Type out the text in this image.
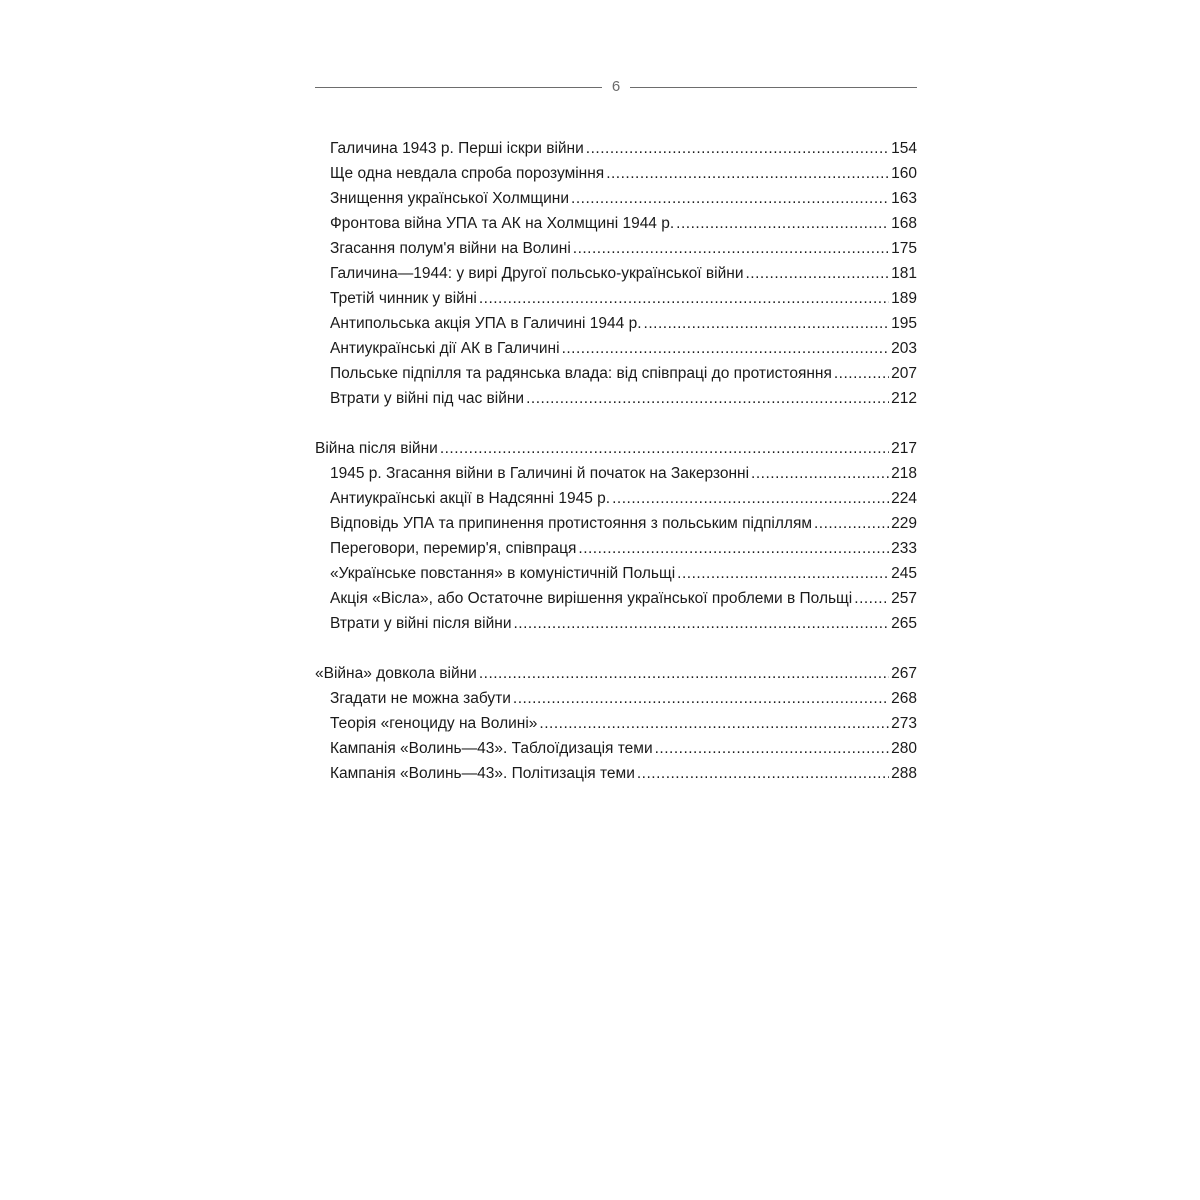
6
Галичина 1943 р. Перші іскри війни .....	154
Ще одна невдала спроба порозуміння .....	160
Знищення української Холмщини .....	163
Фронтова війна УПА та АК на Холмщині 1944 р. .....	168
Згасання полум'я війни на Волині .....	175
Галичина—1944: у вирі Другої польсько-української війни .....	181
Третій чинник у війні .....	189
Антипольська акція УПА в Галичині 1944 р. .....	195
Антиукраїнські дії АК в Галичині .....	203
Польське підпілля та радянська влада: від співпраці до протистояння .....	207
Втрати у війні під час війни .....	212
Війна після війни .....	217
1945 р. Згасання війни в Галичині й початок на Закерзонні .....	218
Антиукраїнські акції в Надсянні 1945 р. .....	224
Відповідь УПА та припинення протистояння з польським підпіллям .....	229
Переговори, перемир'я, співпраця .....	233
«Українське повстання» в комуністичній Польщі .....	245
Акція «Вісла», або Остаточне вирішення української проблеми в Польщі .....	257
Втрати у війні після війни .....	265
«Війна» довкола війни .....	267
Згадати не можна забути .....	268
Теорія «геноциду на Волині» .....	273
Кампанія «Волинь—43». Таблоїдизація теми .....	280
Кампанія «Волинь—43». Політизація теми .....	288
